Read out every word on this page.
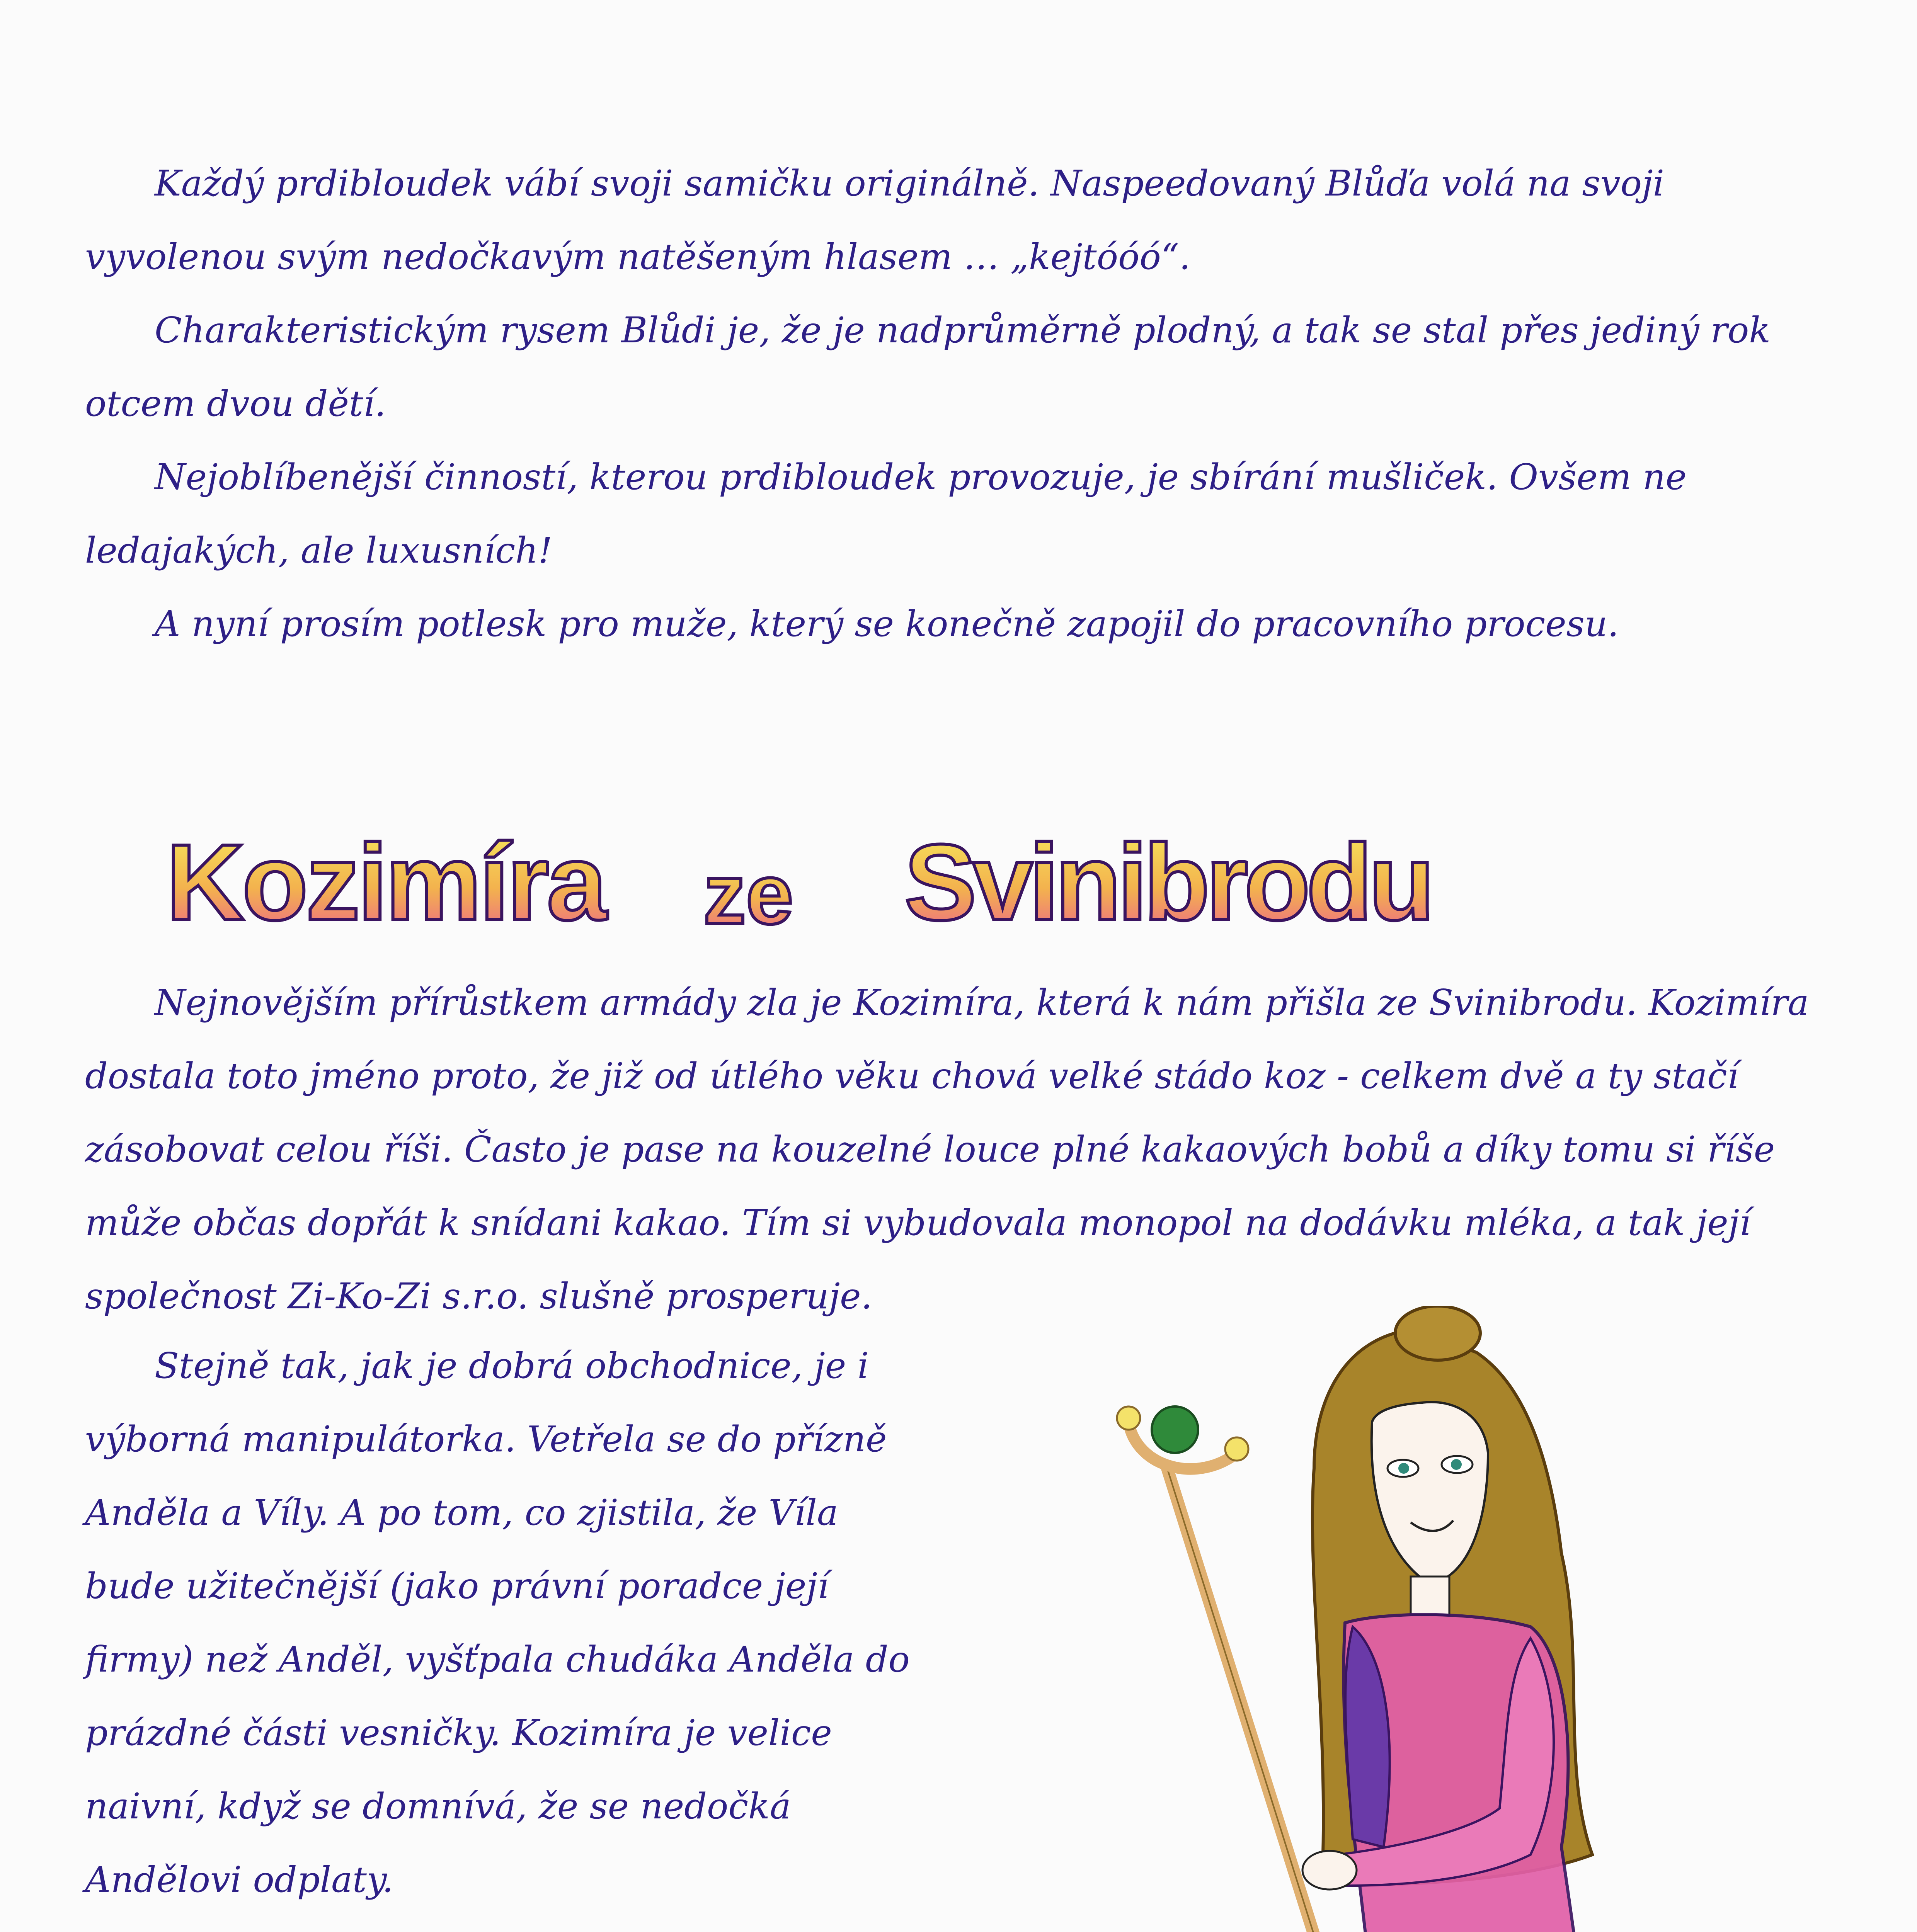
Každý prdibloudek vábí svoji samičku originálně. Naspeedovaný Blůďa volá na svoji vyvolenou svým nedočkavým natěšeným hlasem … „kejtóóó“.

Charakteristickým rysem Blůdi je, že je nadprůměrně plodný, a tak se stal přes jediný rok otcem dvou dětí.

Nejoblíbenější činností, kterou prdibloudek provozuje, je sbírání mušliček. Ovšem ne ledajakých, ale luxusních!

A nyní prosím potlesk pro muže, který se konečně zapojil do pracovního procesu.

Kozimíra ze Svinibrodu

Nejnovějším přírůstkem armády zla je Kozimíra, která k nám přišla ze Svinibrodu. Kozimíra dostala toto jméno proto, že již od útlého věku chová velké stádo koz - celkem dvě a ty stačí zásobovat celou říši. Často je pase na kouzelné louce plné kakaových bobů a díky tomu si říše může občas dopřát k snídani kakao. Tím si vybudovala monopol na dodávku mléka, a tak její společnost Zi-Ko-Zi s.r.o. slušně prosperuje.

Stejně tak, jak je dobrá obchodnice, je i výborná manipulátorka. Vetřela se do přízně Anděla a Víly. A po tom, co zjistila, že Víla bude užitečnější (jako právní poradce její firmy) než Anděl, vyšťpala chudáka Anděla do prázdné části vesničky. Kozimíra je velice naivní, když se domnívá, že se nedočká Andělovi odplaty.
